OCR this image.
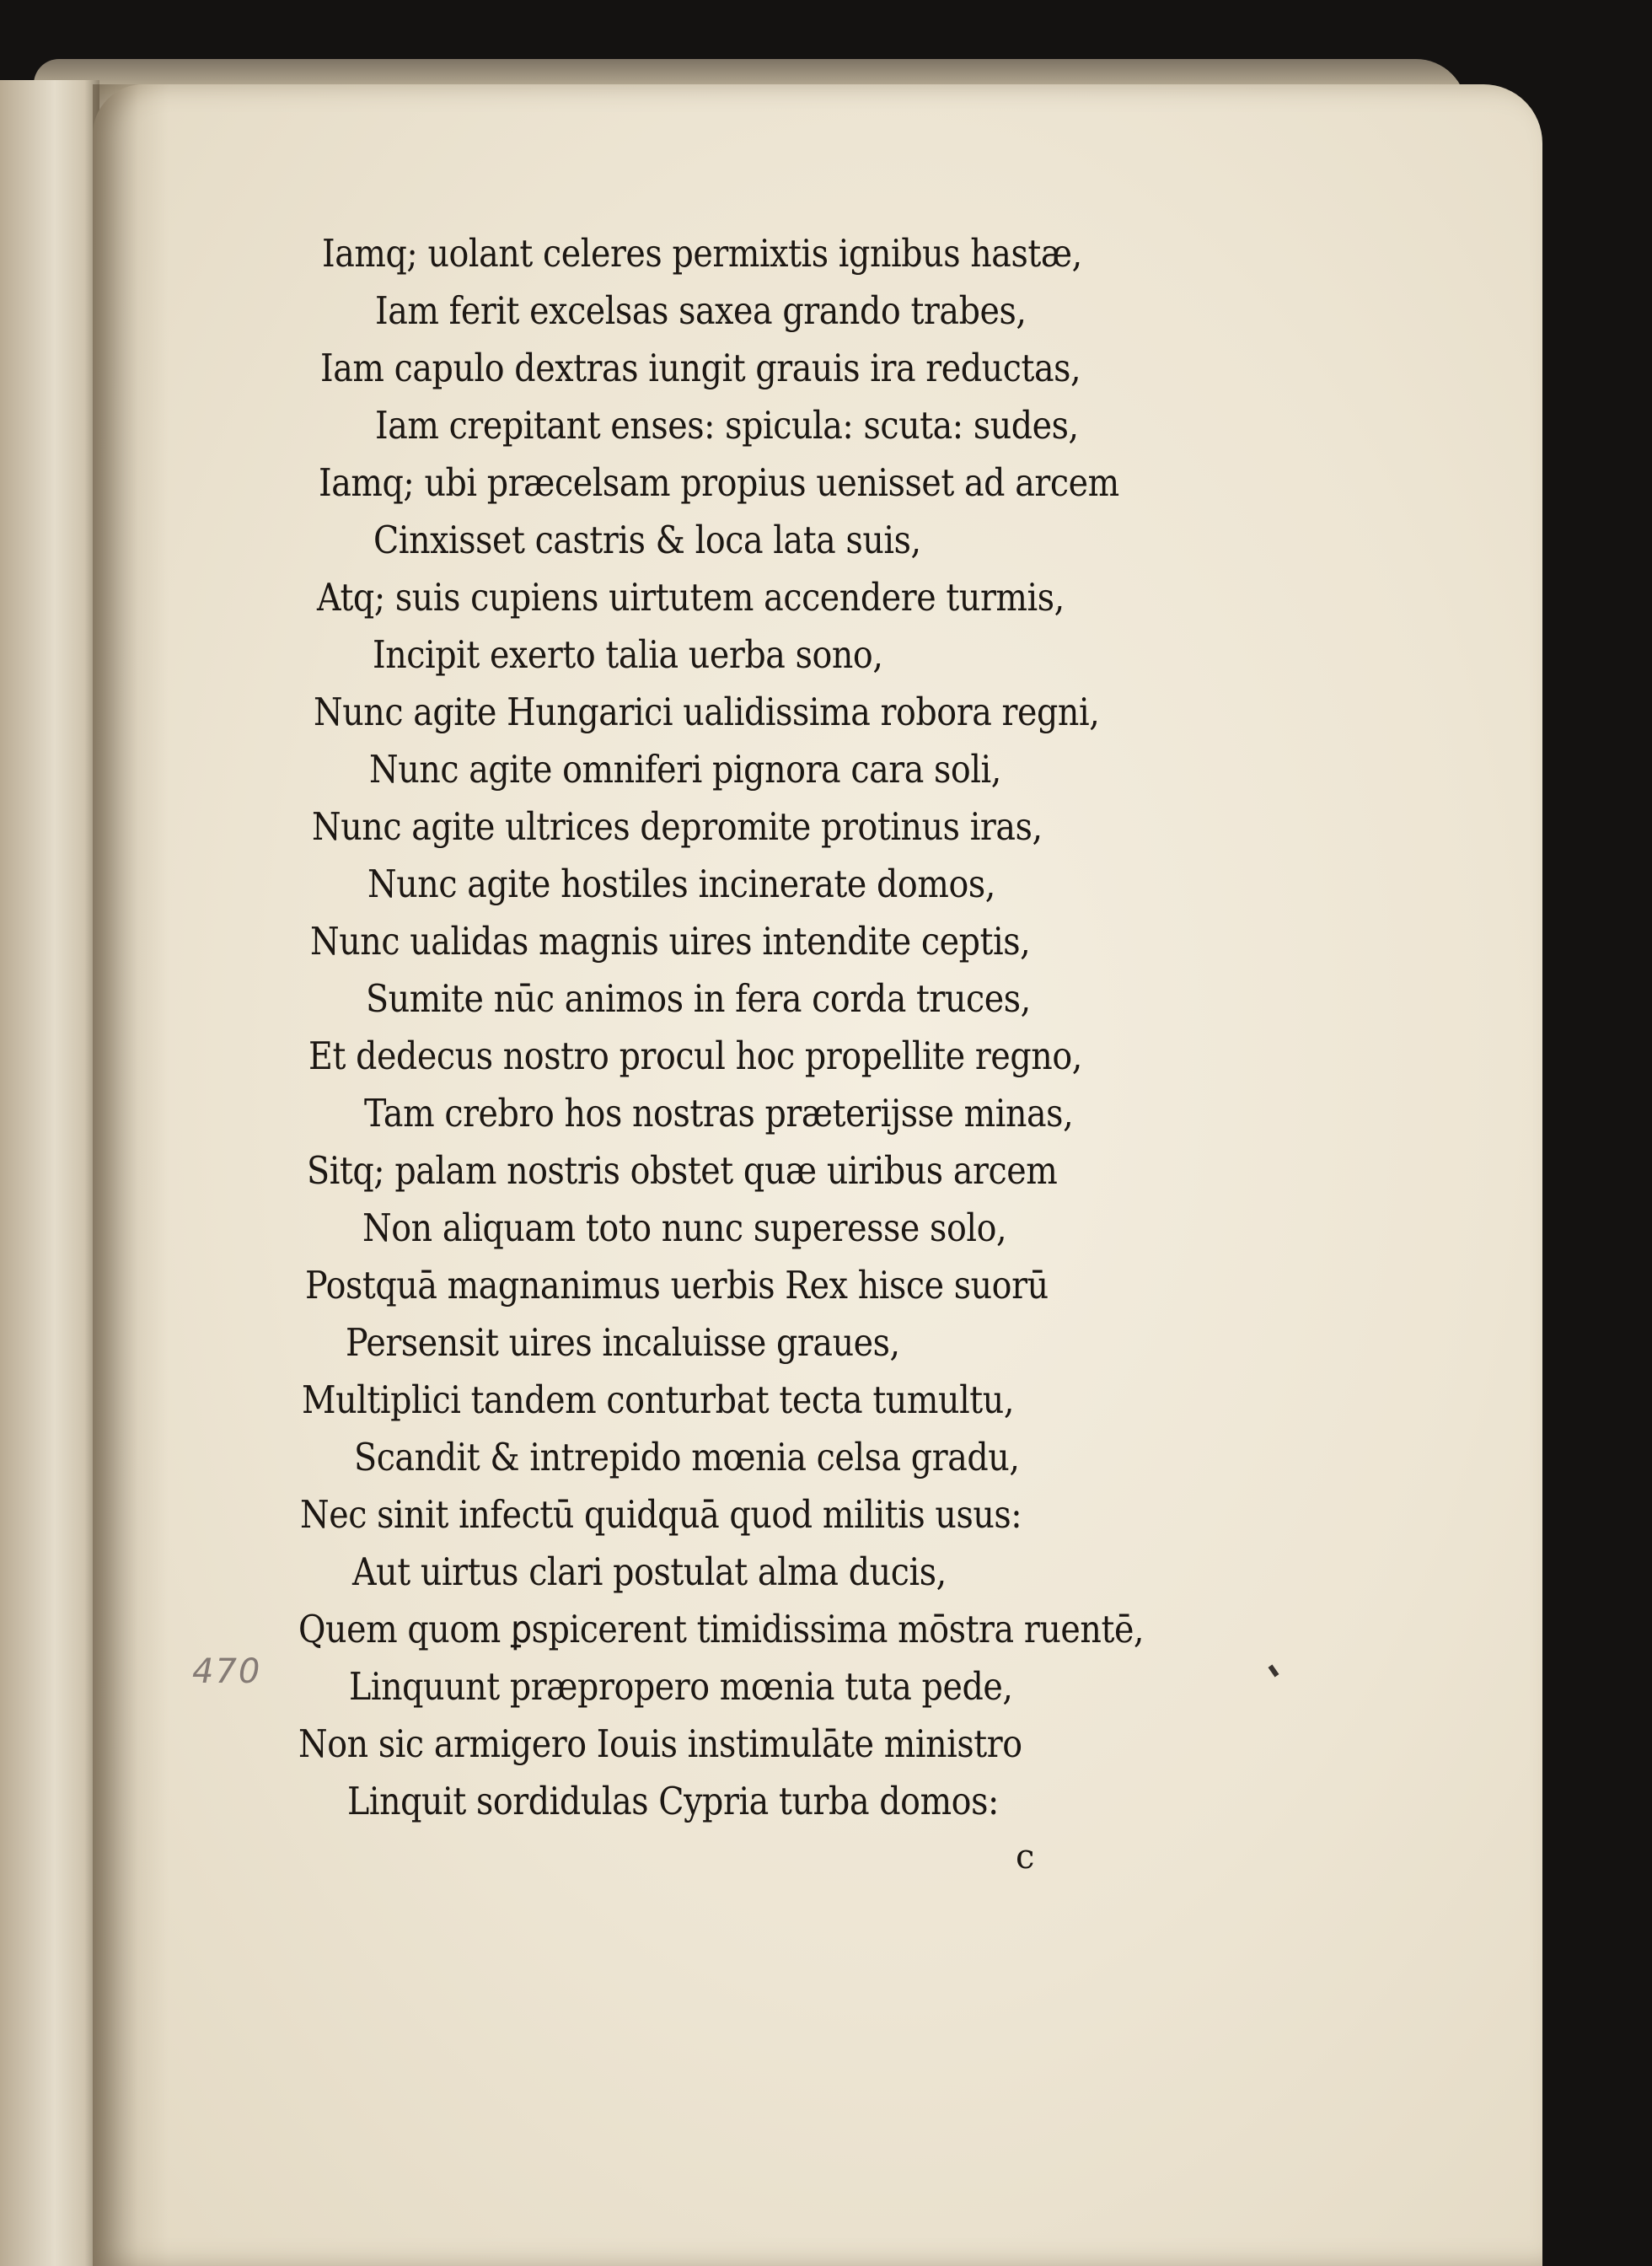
Iamq; uolant celeres permixtis ignibus hastæ,
Iam ferit excelsas saxea grando trabes,
Iam capulo dextras iungit grauis ira reductas,
Iam crepitant enses: spicula: scuta: sudes,
Iamq; ubi præcelsam propius uenisset ad arcem
Cinxisset castris & loca lata suis,
Atq; suis cupiens uirtutem accendere turmis,
Incipit exerto talia uerba sono,
Nunc agite Hungarici ualidissima robora regni,
Nunc agite omniferi pignora cara soli,
Nunc agite ultrices depromite protinus iras,
Nunc agite hostiles incinerate domos,
Nunc ualidas magnis uires intendite ceptis,
Sumite nūc animos in fera corda truces,
Et dedecus nostro procul hoc propellite regno,
Tam crebro hos nostras præterijsse minas,
Sitq; palam nostris obstet quæ uiribus arcem
Non aliquam toto nunc superesse solo,
Postquā magnanimus uerbis Rex hisce suorū
Persensit uires incaluisse graues,
Multiplici tandem conturbat tecta tumultu,
Scandit & intrepido mœnia celsa gradu,
Nec sinit infectū quidquā quod militis usus:
Aut uirtus clari postulat alma ducis,
Quem quom ꝑspicerent timidissima mōstra ruentē,
Linquunt præpropero mœnia tuta pede,
Non sic armigero Iouis instimulāte ministro
Linquit sordidulas Cypria turba domos:
470
c
